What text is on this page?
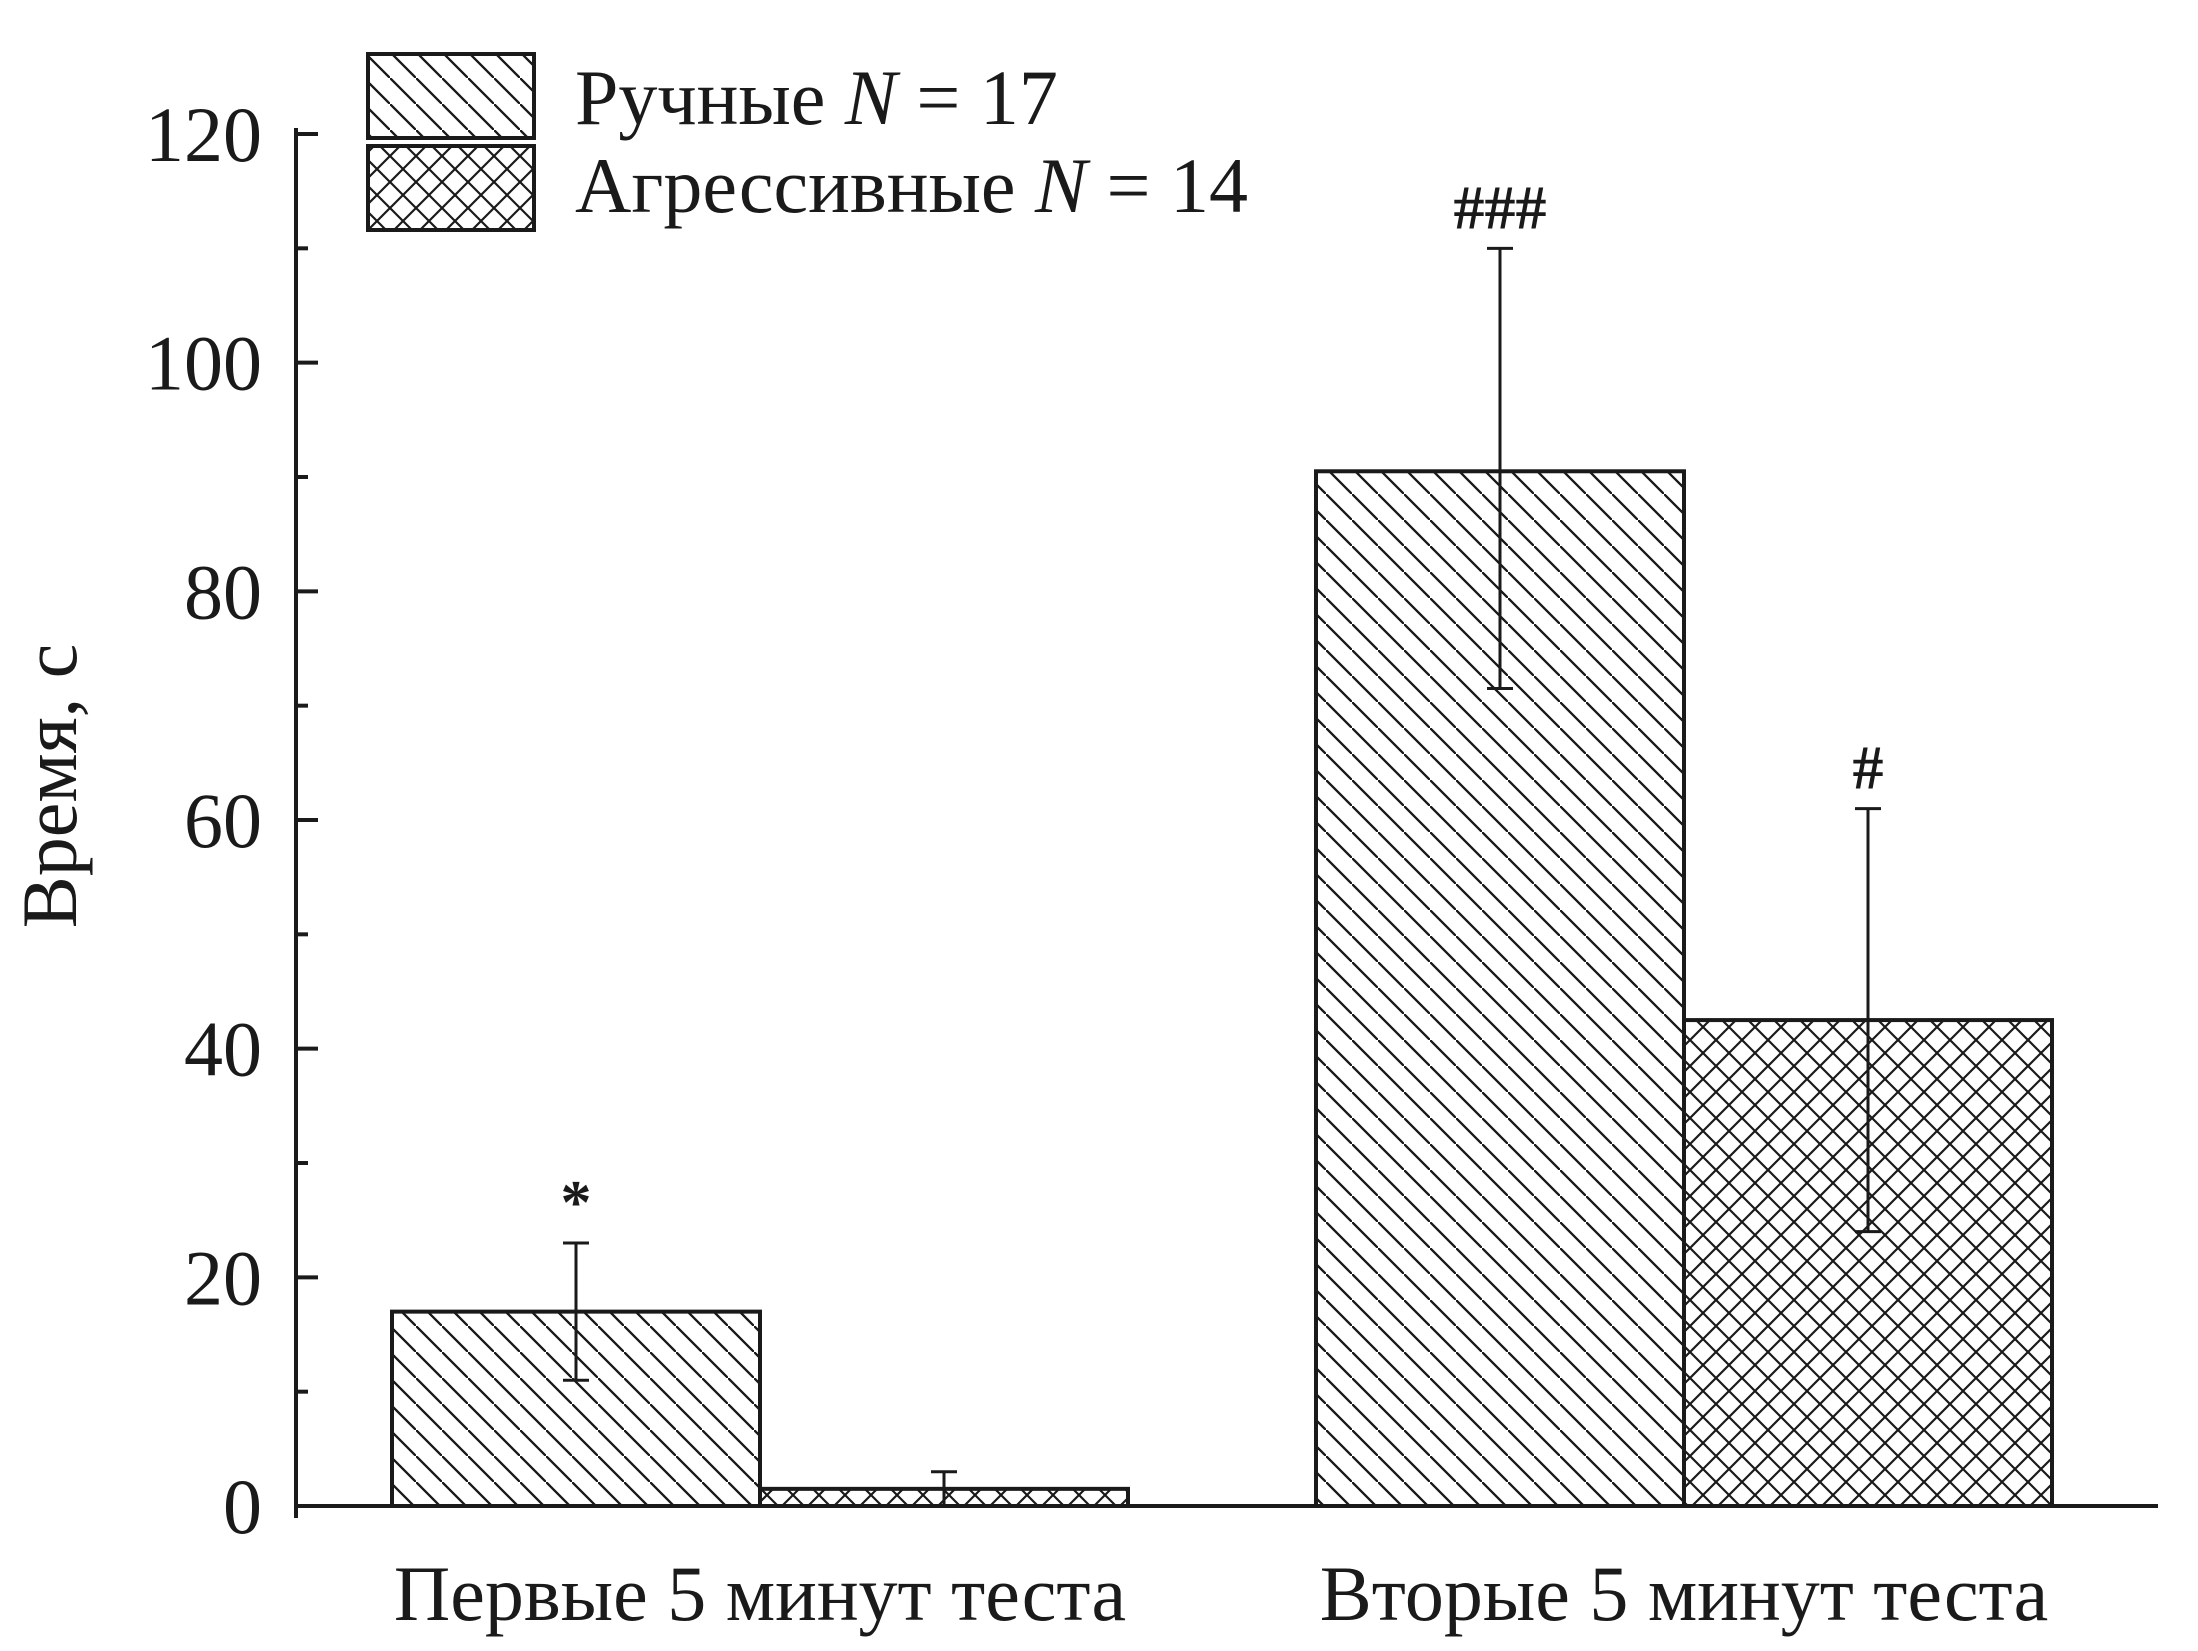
*
###
#
0
20
40
60
80
100
120
Время, с
Первые 5 минут теста Вторые 5 минут теста
Ручные N = 17
Агрессивные N = 14
